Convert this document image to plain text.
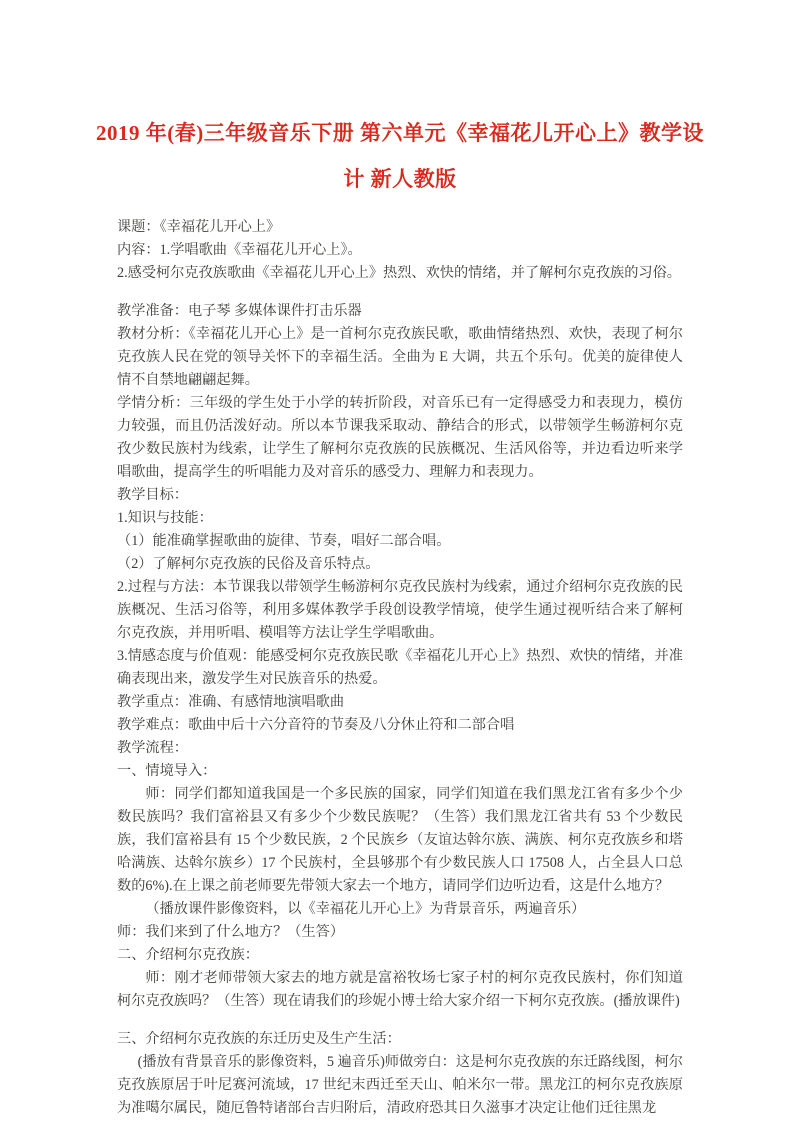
2019 年(春)三年级音乐下册 第六单元《幸福花儿开心上》教学设
计 新人教版

课题：《幸福花儿开心上》

内容：1.学唱歌曲《幸福花儿开心上》。

2.感受柯尔克孜族歌曲《幸福花儿开心上》热烈、欢快的情绪，并了解柯尔克孜族的习俗。

教学准备：电子琴 多媒体课件打击乐器

教材分析：《幸福花儿开心上》是一首柯尔克孜族民歌，歌曲情绪热烈、欢快，表现了柯尔克孜族人民在党的领导关怀下的幸福生活。全曲为 E 大调，共五个乐句。优美的旋律使人情不自禁地翩翩起舞。

学情分析：三年级的学生处于小学的转折阶段，对音乐已有一定得感受力和表现力，模仿力较强，而且仍活泼好动。所以本节课我采取动、静结合的形式，以带领学生畅游柯尔克孜少数民族村为线索，让学生了解柯尔克孜族的民族概况、生活风俗等，并边看边听来学唱歌曲，提高学生的听唱能力及对音乐的感受力、理解力和表现力。

教学目标：

1.知识与技能：

（1）能准确掌握歌曲的旋律、节奏，唱好二部合唱。

（2）了解柯尔克孜族的民俗及音乐特点。

2.过程与方法：本节课我以带领学生畅游柯尔克孜民族村为线索，通过介绍柯尔克孜族的民族概况、生活习俗等，利用多媒体教学手段创设教学情境，使学生通过视听结合来了解柯尔克孜族，并用听唱、模唱等方法让学生学唱歌曲。

3.情感态度与价值观：能感受柯尔克孜族民歌《幸福花儿开心上》热烈、欢快的情绪，并准确表现出来，激发学生对民族音乐的热爱。

教学重点：准确、有感情地演唱歌曲

教学难点：歌曲中后十六分音符的节奏及八分休止符和二部合唱

教学流程：

一、情境导入：

师：同学们都知道我国是一个多民族的国家，同学们知道在我们黑龙江省有多少个少数民族吗？我们富裕县又有多少个少数民族呢？（生答）我们黑龙江省共有 53 个少数民族，我们富裕县有 15 个少数民族，2 个民族乡（友谊达斡尔族、满族、柯尔克孜族乡和塔哈满族、达斡尔族乡）17 个民族村，全县够那个有少数民族人口 17508 人，占全县人口总数的6%).在上课之前老师要先带领大家去一个地方，请同学们边听边看，这是什么地方？

（播放课件影像资料，以《幸福花儿开心上》为背景音乐，两遍音乐）

师：我们来到了什么地方？（生答）

二、介绍柯尔克孜族：

师：刚才老师带领大家去的地方就是富裕牧场七家子村的柯尔克孜民族村，你们知道柯尔克孜族吗？（生答）现在请我们的珍妮小博士给大家介绍一下柯尔克孜族。(播放课件)

三、介绍柯尔克孜族的东迁历史及生产生活：

(播放有背景音乐的影像资料，5 遍音乐)师做旁白：这是柯尔克孜族的东迁路线图，柯尔克孜族原居于叶尼赛河流域，17 世纪末西迁至天山、帕米尔一带。黑龙江的柯尔克孜族原为准噶尔属民，随厄鲁特诸部台吉归附后，清政府恐其日久滋事才决定让他们迁往黑龙
